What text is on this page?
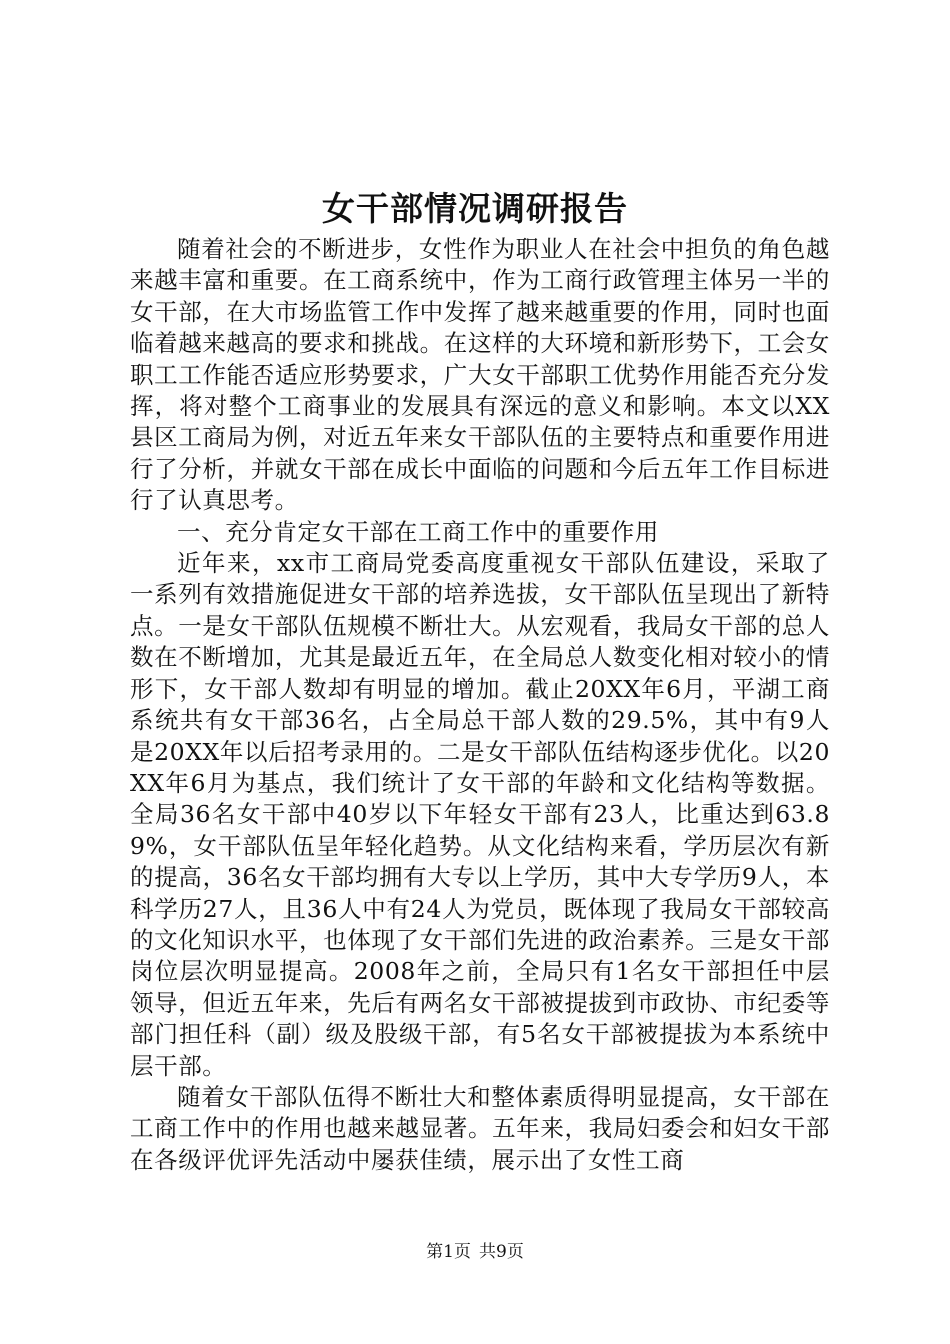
女干部情况调研报告

随着社会的不断进步，女性作为职业人在社会中担负的角色越来越丰富和重要。在工商系统中，作为工商行政管理主体另一半的女干部，在大市场监管工作中发挥了越来越重要的作用，同时也面临着越来越高的要求和挑战。在这样的大环境和新形势下，工会女职工工作能否适应形势要求，广大女干部职工优势作用能否充分发挥，将对整个工商事业的发展具有深远的意义和影响。本文以XX县区工商局为例，对近五年来女干部队伍的主要特点和重要作用进行了分析，并就女干部在成长中面临的问题和今后五年工作目标进行了认真思考。

一、充分肯定女干部在工商工作中的重要作用

近年来，xx市工商局党委高度重视女干部队伍建设，采取了一系列有效措施促进女干部的培养选拔，女干部队伍呈现出了新特点。一是女干部队伍规模不断壮大。从宏观看，我局女干部的总人数在不断增加，尤其是最近五年，在全局总人数变化相对较小的情形下，女干部人数却有明显的增加。截止20XX年6月，平湖工商系统共有女干部36名，占全局总干部人数的29.5%，其中有9人是20XX年以后招考录用的。二是女干部队伍结构逐步优化。以20XX年6月为基点，我们统计了女干部的年龄和文化结构等数据。全局36名女干部中40岁以下年轻女干部有23人，比重达到63.89%，女干部队伍呈年轻化趋势。从文化结构来看，学历层次有新的提高，36名女干部均拥有大专以上学历，其中大专学历9人，本科学历27人，且36人中有24人为党员，既体现了我局女干部较高的文化知识水平，也体现了女干部们先进的政治素养。三是女干部岗位层次明显提高。2008年之前，全局只有1名女干部担任中层领导，但近五年来，先后有两名女干部被提拔到市政协、市纪委等部门担任科（副）级及股级干部，有5名女干部被提拔为本系统中层干部。

随着女干部队伍得不断壮大和整体素质得明显提高，女干部在工商工作中的作用也越来越显著。五年来，我局妇委会和妇女干部在各级评优评先活动中屡获佳绩，展示出了女性工商

第1页 共9页
